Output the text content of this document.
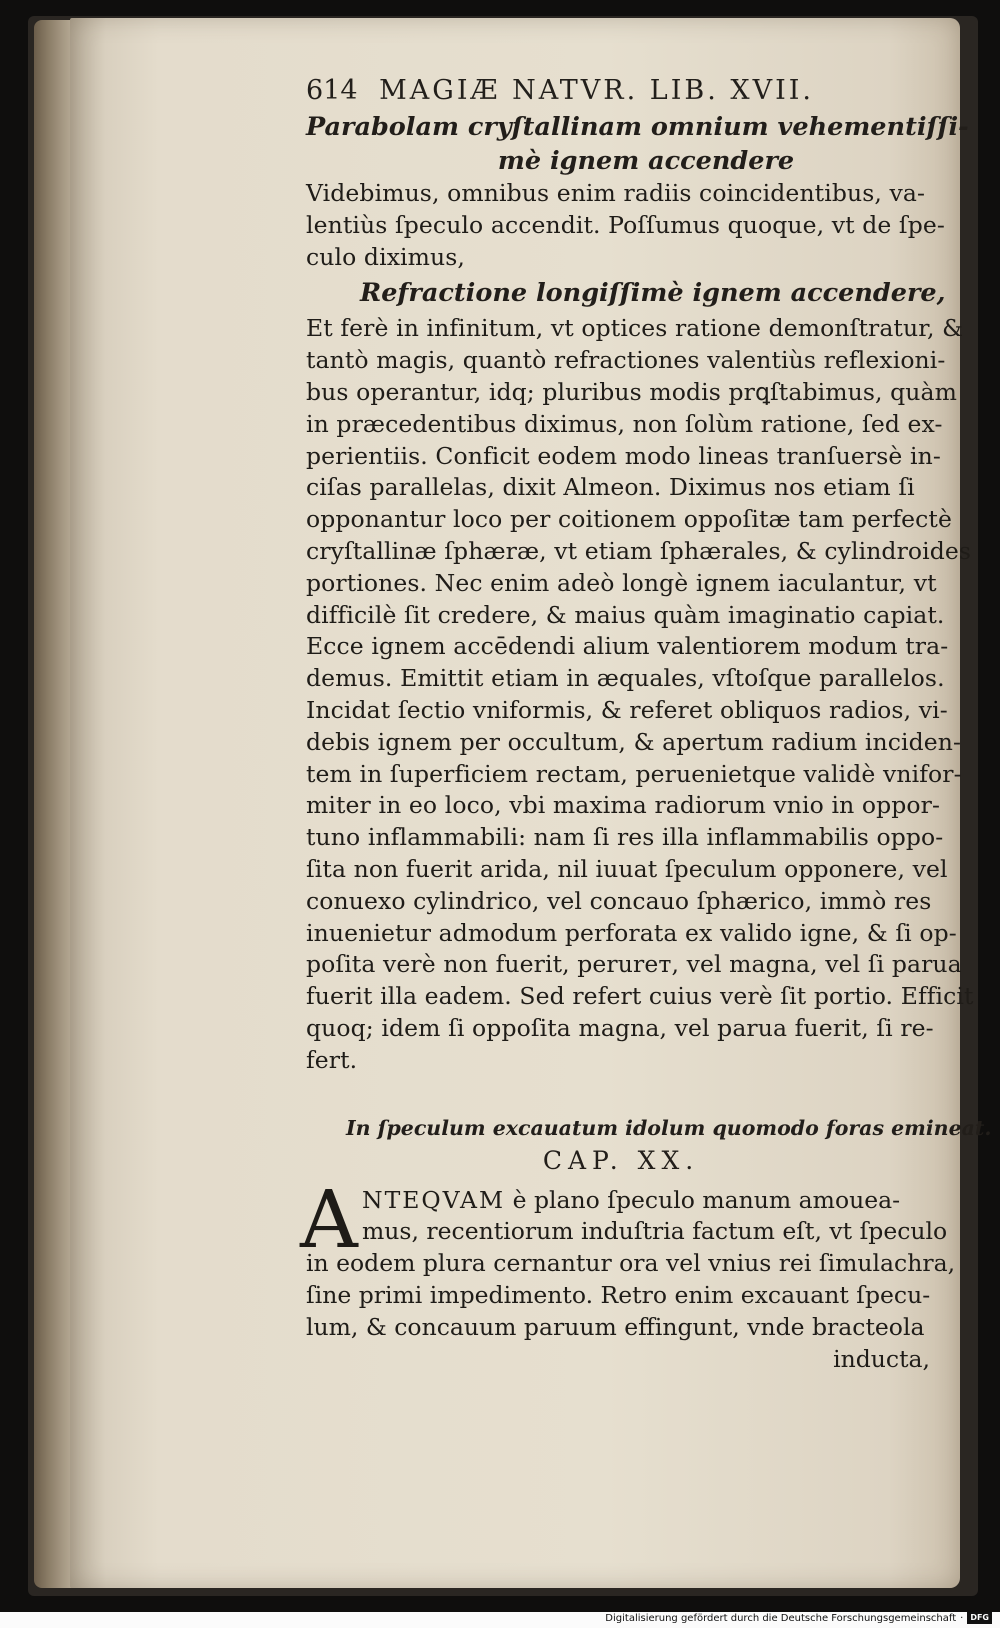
614 MAGIÆ NATVR. LIB. XVII.
Parabolam cryſtallinam omnium vehementiſſi-
mè ignem accendere
Videbimus, omnibus enim radiis coincidentibus, va-
lentiùs ſpeculo accendit. Poſſumus quoque, vt de ſpe-
culo diximus,
Refractione longiſſimè ignem accendere,
Et ferè in infinitum, vt optices ratione demonſtratur, &
tantò magis, quantò refractiones valentiùs reflexioni-
bus operantur, idq; pluribus modis prꝗſtabimus, quàm
in præcedentibus diximus, non ſolùm ratione, ſed ex-
perientiis. Conficit eodem modo lineas tranſuersè in-
ciſas parallelas, dixit Almeon. Diximus nos etiam ſi
opponantur loco per coitionem oppoſitæ tam perfectè
cryſtallinæ ſphæræ, vt etiam ſphærales, & cylindroides
portiones. Nec enim adeò longè ignem iaculantur, vt
difficilè ſit credere, & maius quàm imaginatio capiat.
Ecce ignem accēdendi alium valentiorem modum tra-
demus. Emittit etiam in æquales, vſtoſque parallelos.
Incidat ſectio vniformis, & referet obliquos radios, vi-
debis ignem per occultum, & apertum radium inciden-
tem in ſuperficiem rectam, peruenietque validè vnifor-
miter in eo loco, vbi maxima radiorum vnio in oppor-
tuno inflammabili: nam ſi res illa inflammabilis oppo-
ſita non fuerit arida, nil iuuat ſpeculum opponere, vel
conuexo cylindrico, vel concauo ſphærico, immò res
inuenietur admodum perforata ex valido igne, & ſi op-
poſita verè non fuerit, perurет, vel magna, vel ſi parua
fuerit illa eadem. Sed refert cuius verè ſit portio. Efficit
quoq; idem ſi oppoſita magna, vel parua fuerit, ſi re-
fert.
In ſpeculum excauatum idolum quomodo foras emineat.
CAP. XX.
A NTEQVAM è plano ſpeculo manum amouea-
mus, recentiorum induſtria factum eſt, vt ſpeculo
in eodem plura cernantur ora vel vnius rei ſimulachra,
ſine primi impedimento. Retro enim excauant ſpecu-
lum, & concauum paruum effingunt, vnde bracteola
inducta,
Digitalisierung gefördert durch die Deutsche Forschungsgemeinschaft · DFG
